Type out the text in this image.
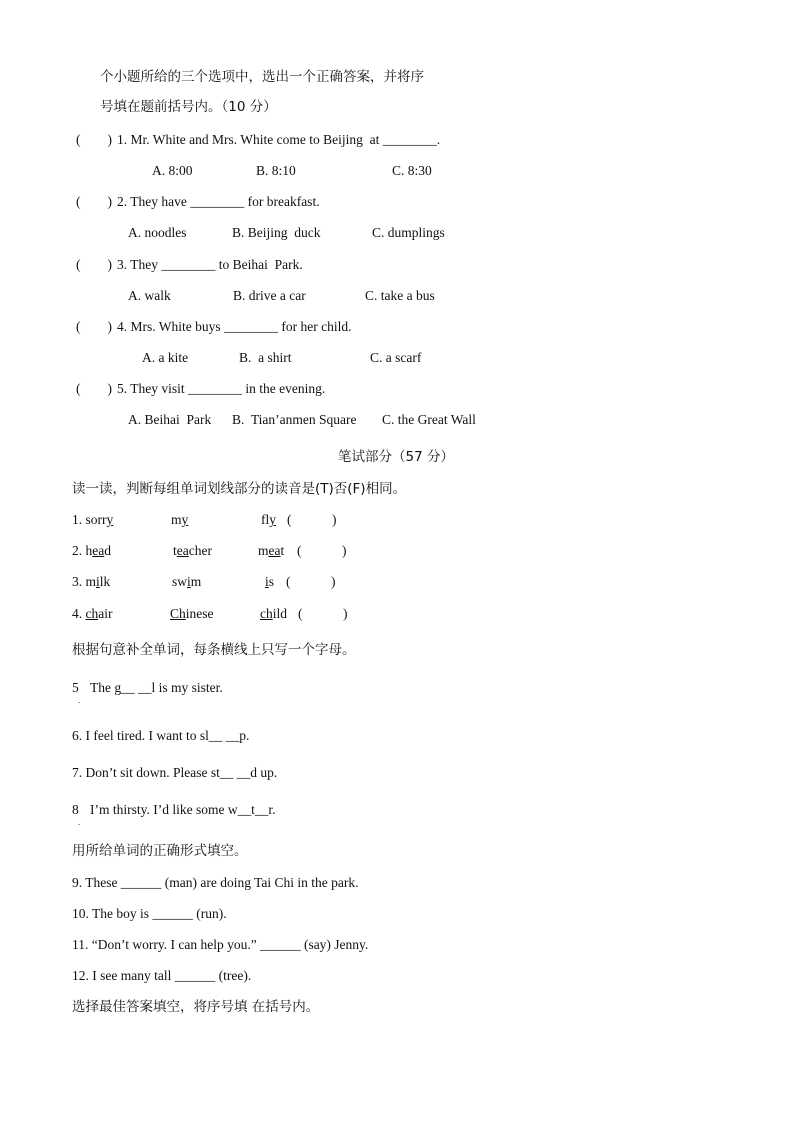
个小题所给的三个选项中，选出一个正确答案，并将序
号填在题前括号内。（10 分）
(　　) 1. Mr. White and Mrs. White come to Beijing  at ________.
A. 8:00	B. 8:10	C. 8:30
(　　) 2. They have ________ for breakfast.
A. noodles	B. Beijing  duck	C. dumplings
(　　) 3. They ________ to Beihai  Park.
A. walk	B. drive a car	C. take a bus
(　　) 4. Mrs. White buys ________ for her child.
A. a kite	B.  a shirt	C. a scarf
(　　) 5. They visit ________ in the evening.
A. Beihai  Park B.  Tian’anmen Square C. the Great Wall
笔试部分（57 分）
读一读，判断每组单词划线部分的读音是(T)否(F)相同。
1. sorry	my	fly (　　　)
2. head	teacher	meat (　　　)
3. milk	swim	is (　　　)
4. chair	Chinese	child (　　　)
根据句意补全单词，每条横线上只写一个字母。
5 The g__ __l is my sister.
.
6. I feel tired. I want to sl__ __p.
7. Don’t sit down. Please st__ __d up.
8 I’m thirsty. I’d like some w__t__r.
.
用所给单词的正确形式填空。
9. These ______ (man) are doing Tai Chi in the park.
10. The boy is ______ (run).
11. “Don’t worry. I can help you.” ______ (say) Jenny.
12. I see many tall ______ (tree).
选择最佳答案填空，将序号填 在括号内。
